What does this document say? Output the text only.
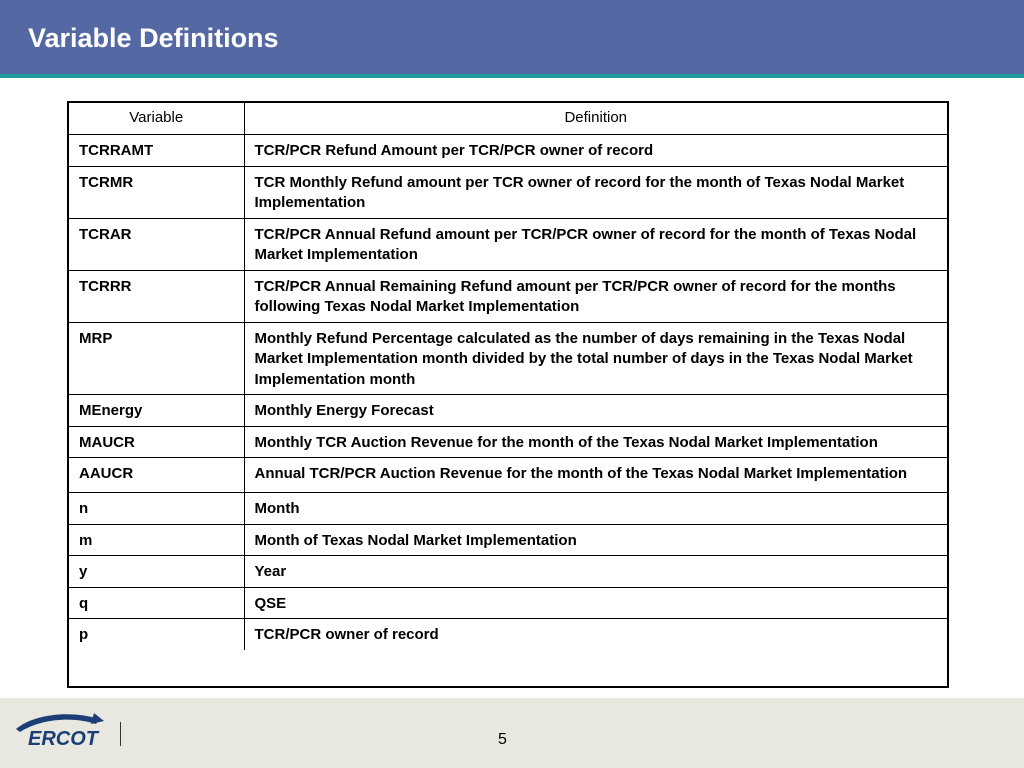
Variable Definitions
Variable	Definition
TCRRAMT	TCR/PCR Refund Amount per TCR/PCR owner of record
TCRMR	TCR Monthly Refund amount per TCR owner of record for the month of Texas Nodal Market Implementation
TCRAR	TCR/PCR Annual Refund amount per TCR/PCR owner of record for the month of Texas Nodal Market Implementation
TCRRR	TCR/PCR Annual Remaining Refund amount per TCR/PCR owner of record for the months following Texas Nodal Market Implementation
MRP	Monthly Refund Percentage calculated as the number of days remaining in the Texas Nodal Market Implementation month divided by the total number of days in the Texas Nodal Market Implementation month
MEnergy	Monthly Energy Forecast
MAUCR	Monthly TCR Auction Revenue for the month of the Texas Nodal Market Implementation
AAUCR	Annual TCR/PCR Auction Revenue for the month of the Texas Nodal Market Implementation
n	Month
m	Month of Texas Nodal Market Implementation
y	Year
q	QSE
p	TCR/PCR owner of record
ERCOT	5
